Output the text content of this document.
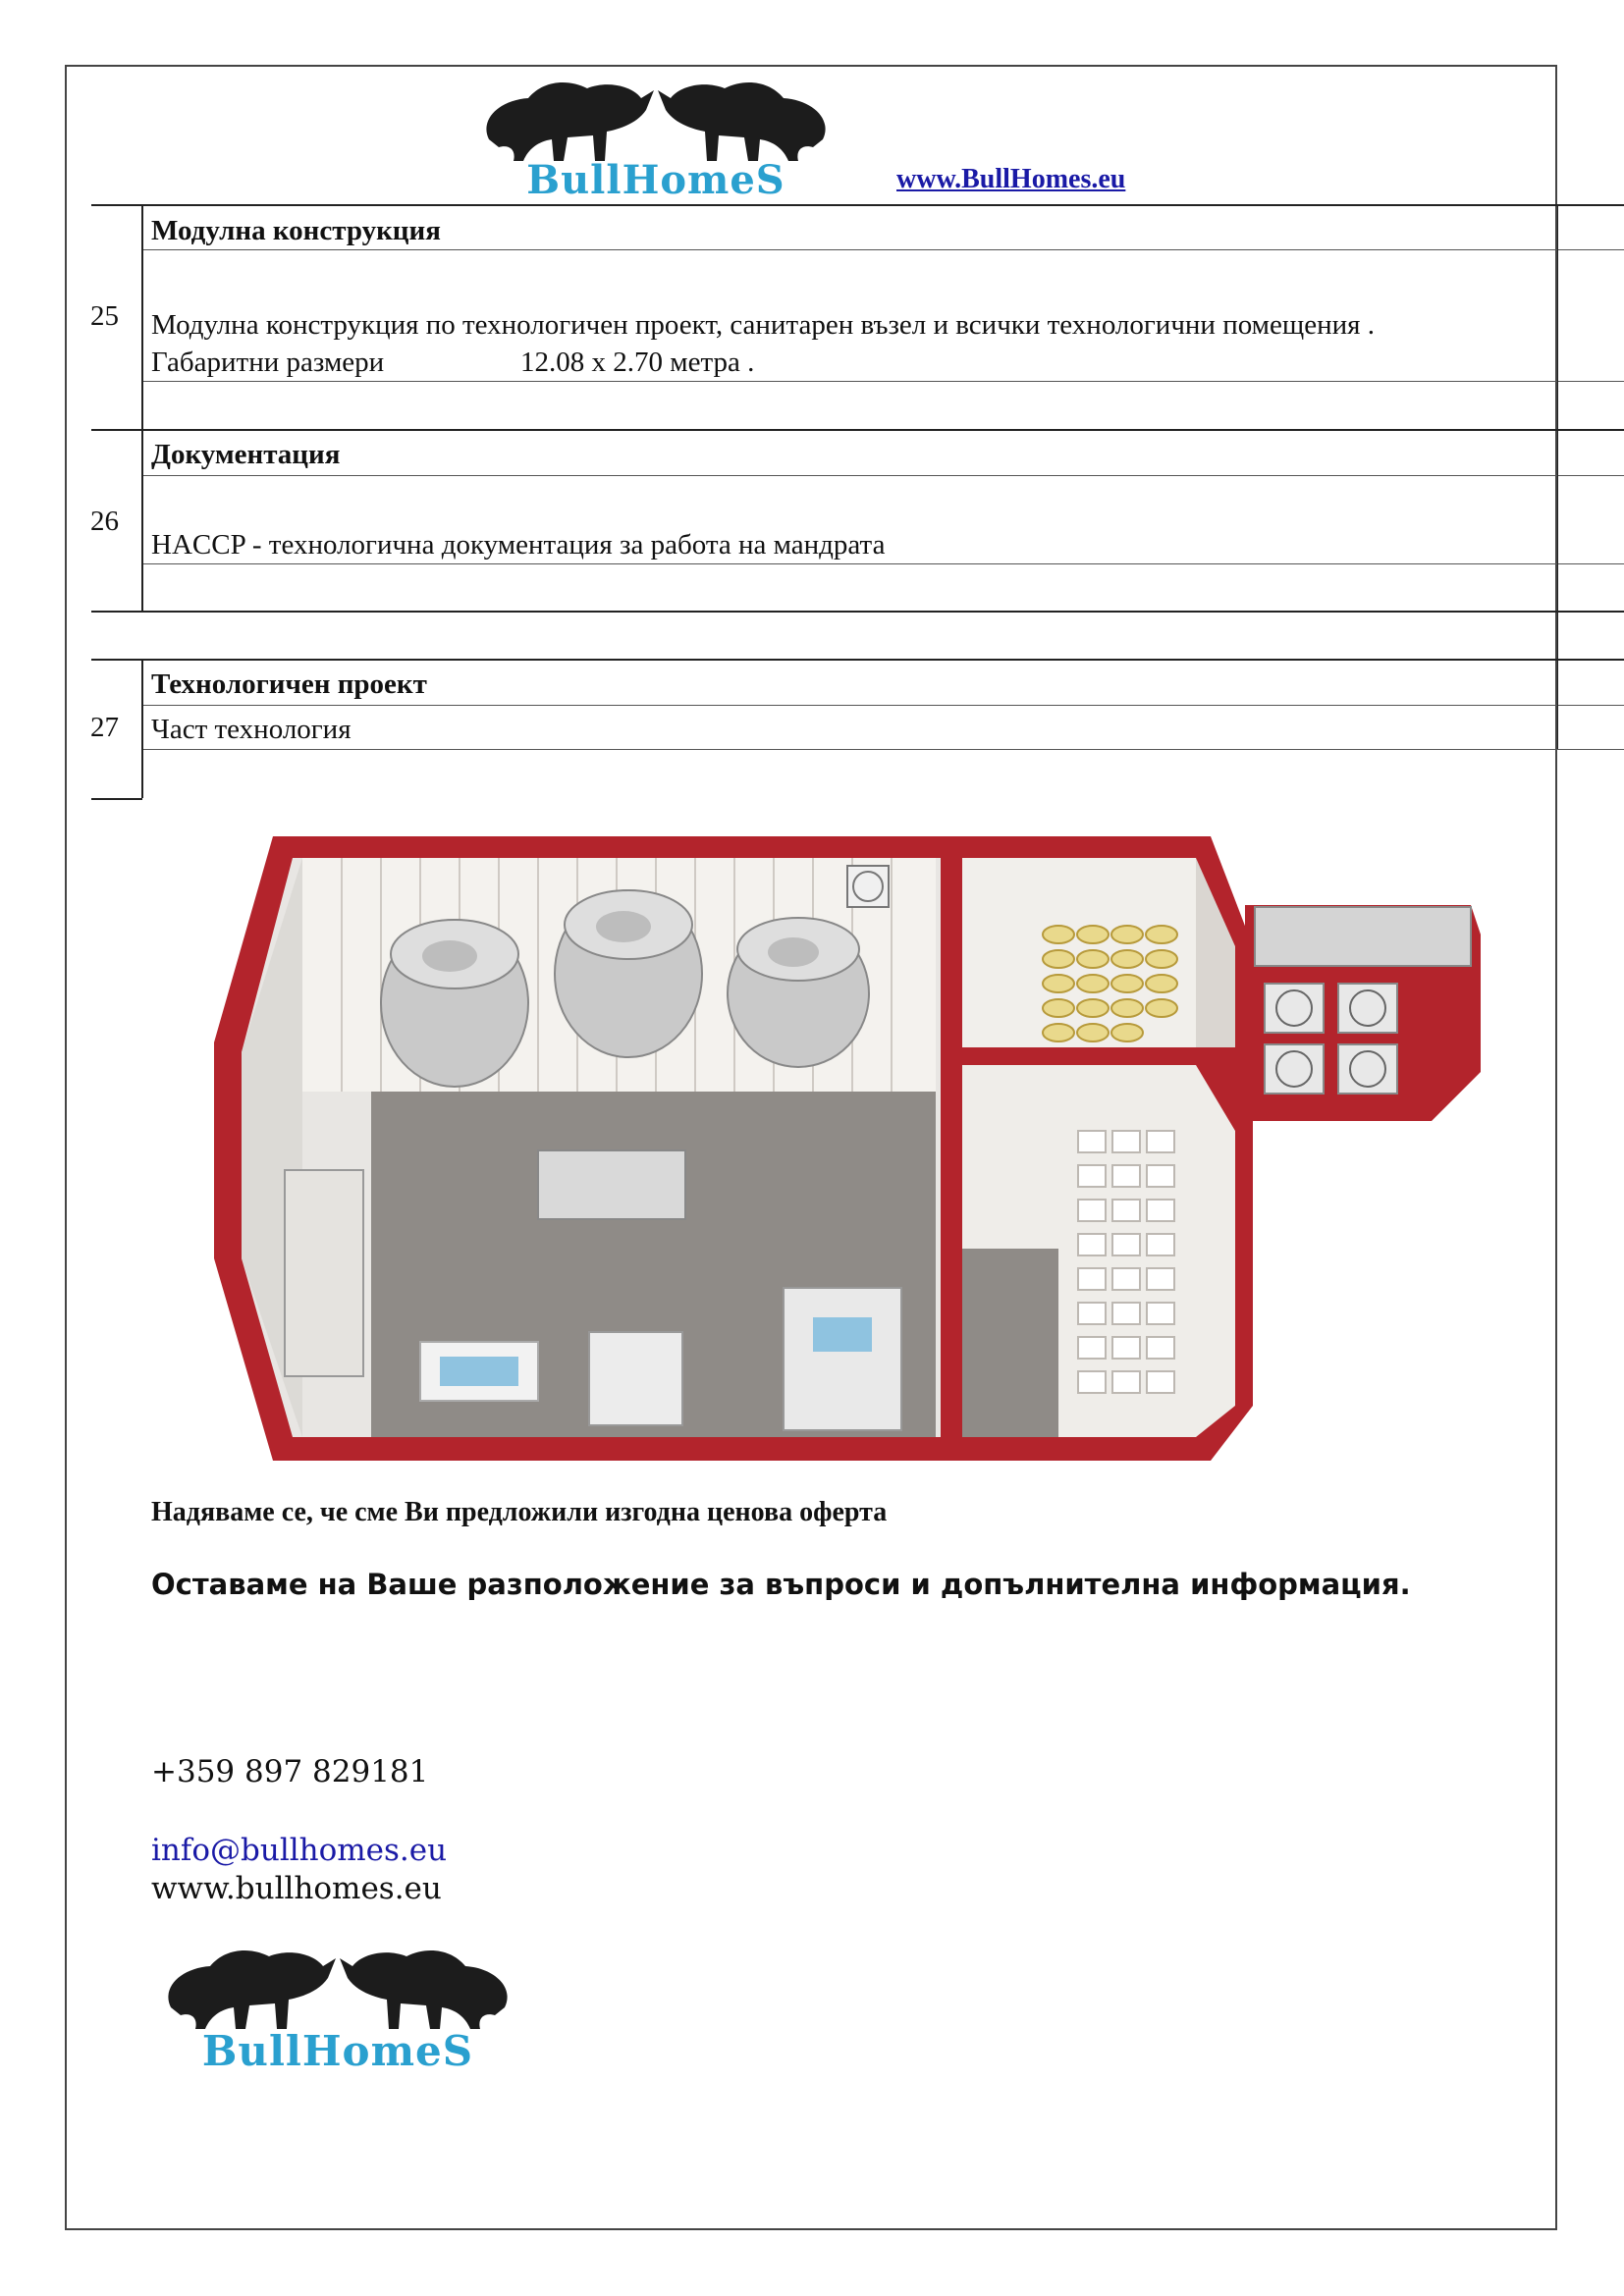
BullHomeS	www.BullHomes.eu
Модулна конструкция
25 Модулна конструкция по технологичен проект, санитарен възел и всички технологични помещения .
Габаритни размери	12.08 x 2.70 метра .
Документация
26
HACCP - технологична документация за работа на мандрата
Технологичен проект
27 Част технология
Надяваме се, че сме Ви предложили изгодна ценова оферта
Оставаме на Ваше разположение за въпроси и допълнителна информация.
+359 897 829181
info@bullhomes.eu
www.bullhomes.eu
BullHomeS
